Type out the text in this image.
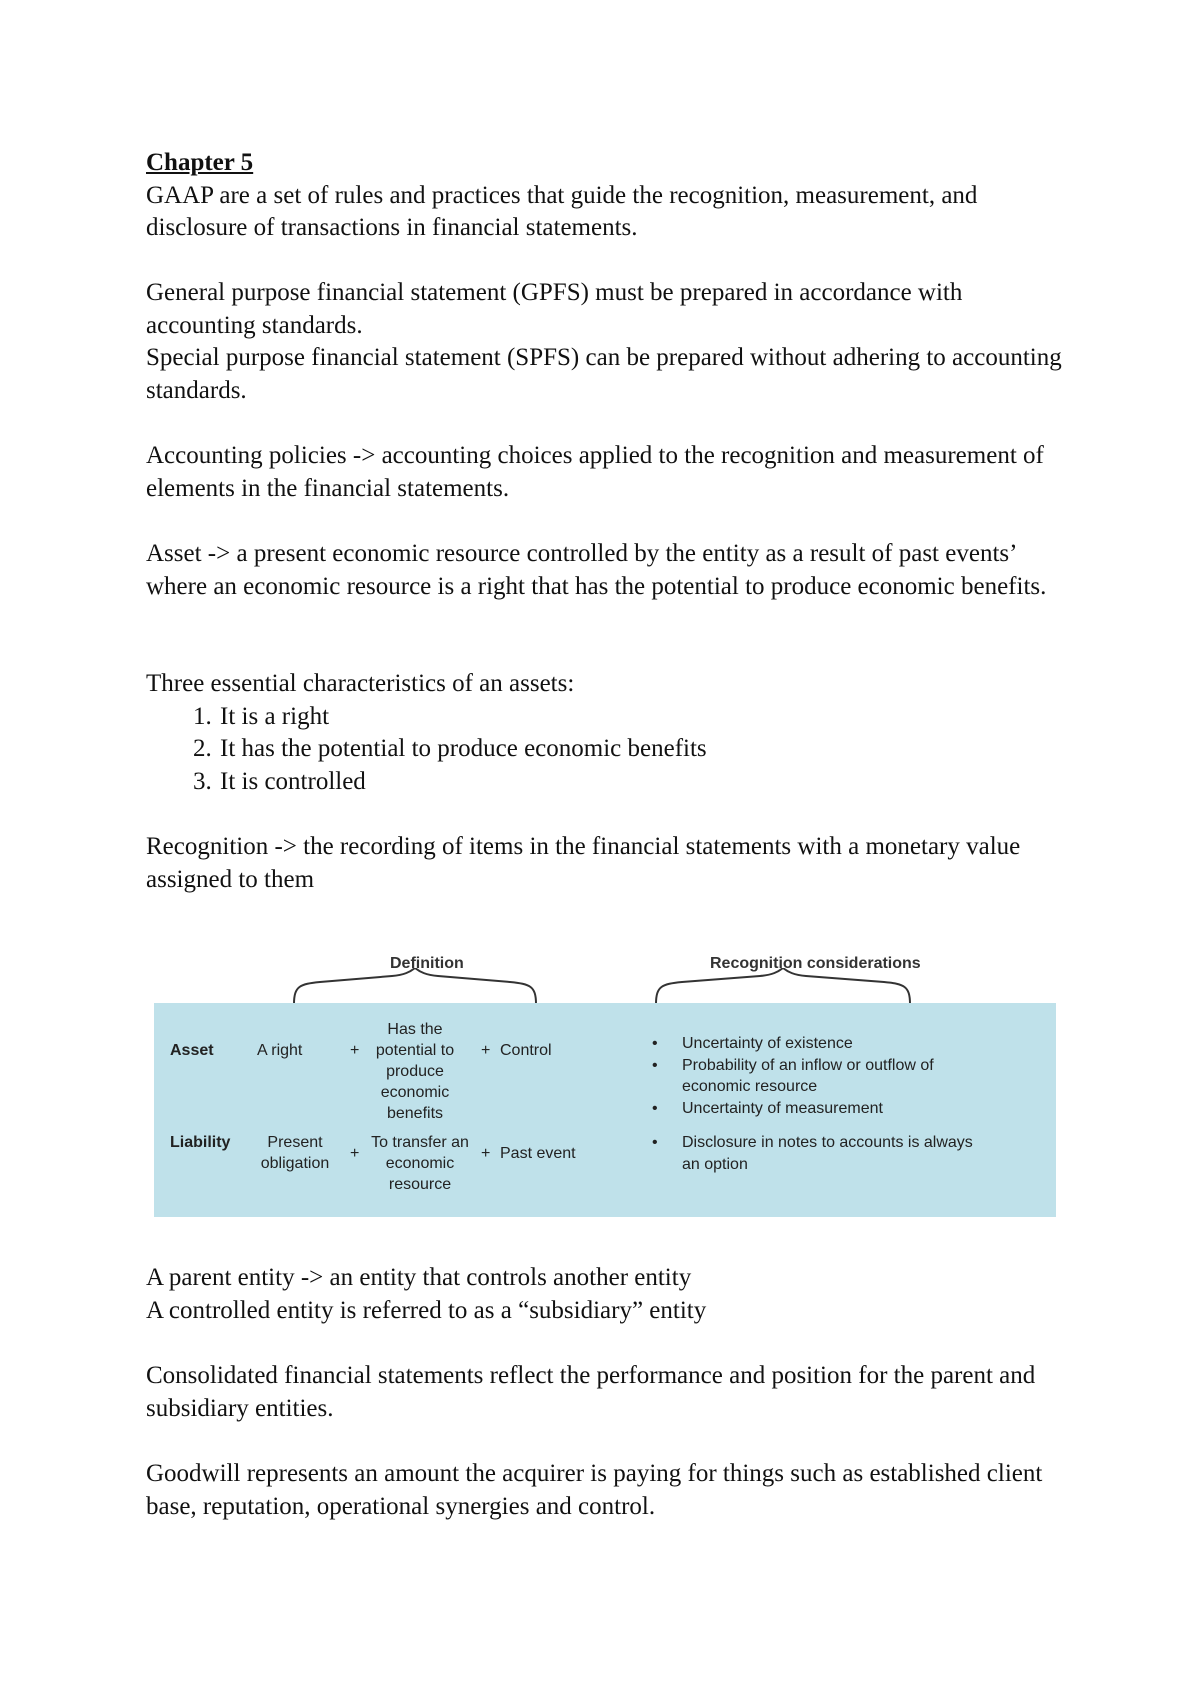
Chapter 5

GAAP are a set of rules and practices that guide the recognition, measurement, and disclosure of transactions in financial statements.

General purpose financial statement (GPFS) must be prepared in accordance with accounting standards.

Special purpose financial statement (SPFS) can be prepared without adhering to accounting standards.

Accounting policies -> accounting choices applied to the recognition and measurement of elements in the financial statements.

Asset -> a present economic resource controlled by the entity as a result of past events’ where an economic resource is a right that has the potential to produce economic benefits.

Three essential characteristics of an assets:

1. It is a right
2. It has the potential to produce economic benefits
3. It is controlled

Recognition -> the recording of items in the financial statements with a monetary value assigned to them

Definition	Recognition considerations
Asset	A right	+
Has the potential to produce economic benefits
+ Control
•	Uncertainty of existence
• Probability of an inflow or outflow of economic resource
• Uncertainty of measurement
Liability	Present obligation
+
To transfer an economic resource
+ Past event
• Disclosure in notes to accounts is always an option

A parent entity -> an entity that controls another entity

A controlled entity is referred to as a “subsidiary” entity

Consolidated financial statements reflect the performance and position for the parent and subsidiary entities.

Goodwill represents an amount the acquirer is paying for things such as established client base, reputation, operational synergies and control.
